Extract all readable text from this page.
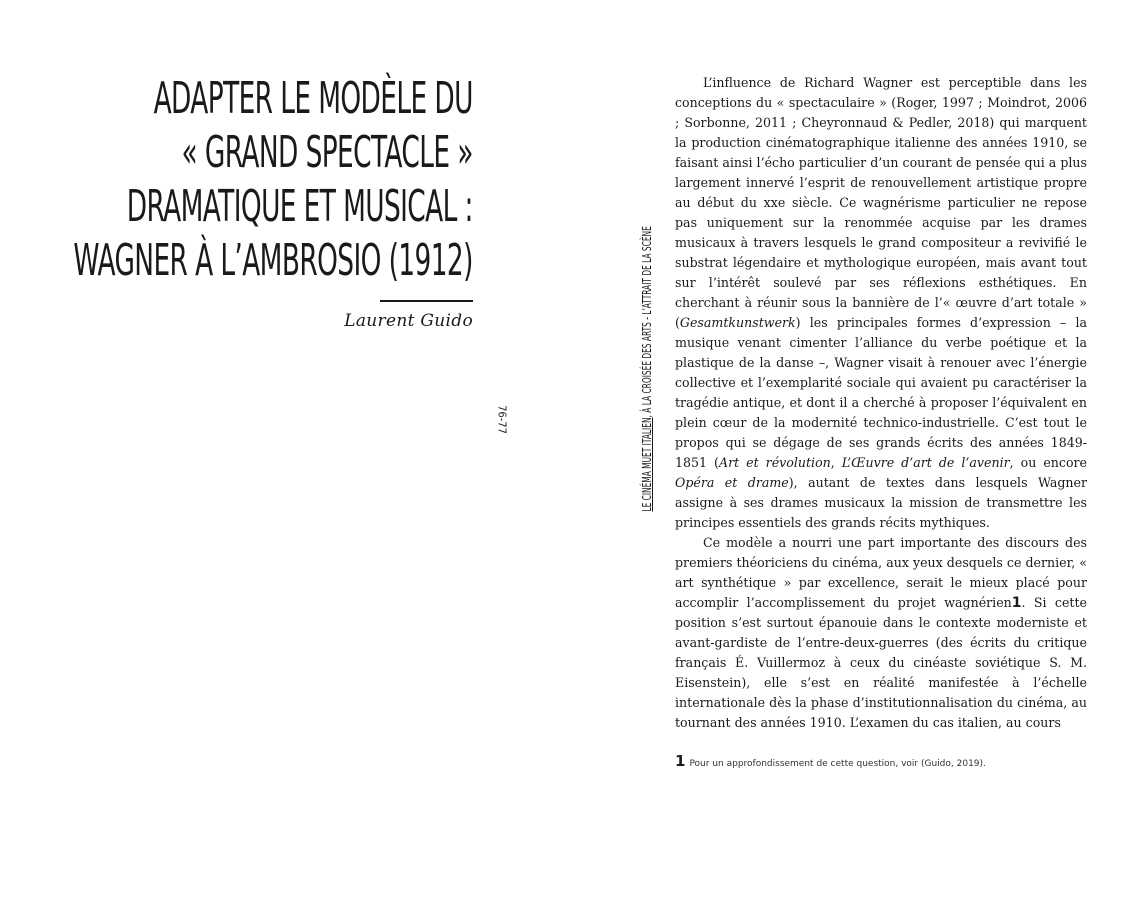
ADAPTER LE MODÈLE DU
« GRAND SPECTACLE »
DRAMATIQUE ET MUSICAL :
WAGNER À L’AMBROSIO (1912)
Laurent Guido
76-77	LE CINÉMA MUET ITALIEN, À LA CROISÉE DES ARTS - L’ATTRAIT DE LA SCÈNE

L’influence de Richard Wagner est perceptible dans les conceptions du « spectaculaire » (Roger, 1997 ; Moindrot, 2006 ; Sorbonne, 2011 ; Cheyronnaud & Pedler, 2018) qui marquent la production cinématographique italienne des années 1910, se faisant ainsi l’écho particulier d’un courant de pensée qui a plus largement innervé l’esprit de renouvellement artistique propre au début du xxe siècle. Ce wagnérisme particulier ne repose pas uniquement sur la renommée acquise par les drames musicaux à travers lesquels le grand compositeur a revivifié le substrat légendaire et mythologique européen, mais avant tout sur l’intérêt soulevé par ses réflexions esthétiques. En cherchant à réunir sous la bannière de l’« œuvre d’art totale » (Gesamtkunstwerk) les principales formes d’expression – la musique venant cimenter l’alliance du verbe poétique et la plastique de la danse –, Wagner visait à renouer avec l’énergie collective et l’exemplarité sociale qui avaient pu caractériser la tragédie antique, et dont il a cherché à proposer l’équivalent en plein cœur de la modernité technico-industrielle. C’est tout le propos qui se dégage de ses grands écrits des années 1849-1851 (Art et révolution, L’Œuvre d’art de l’avenir, ou encore Opéra et drame), autant de textes dans lesquels Wagner assigne à ses drames musicaux la mission de transmettre les principes essentiels des grands récits mythiques.

Ce modèle a nourri une part importante des discours des premiers théoriciens du cinéma, aux yeux desquels ce dernier, « art synthétique » par excellence, serait le mieux placé pour accomplir l’accomplissement du projet wagnérien1. Si cette position s’est surtout épanouie dans le contexte moderniste et avant-gardiste de l’entre-deux-guerres (des écrits du critique français É. Vuillermoz à ceux du cinéaste soviétique S. M. Eisenstein), elle s’est en réalité manifestée à l’échelle internationale dès la phase d’institutionnalisation du cinéma, au tournant des années 1910. L’examen du cas italien, au cours

1 Pour un approfondissement de cette question, voir (Guido, 2019).
